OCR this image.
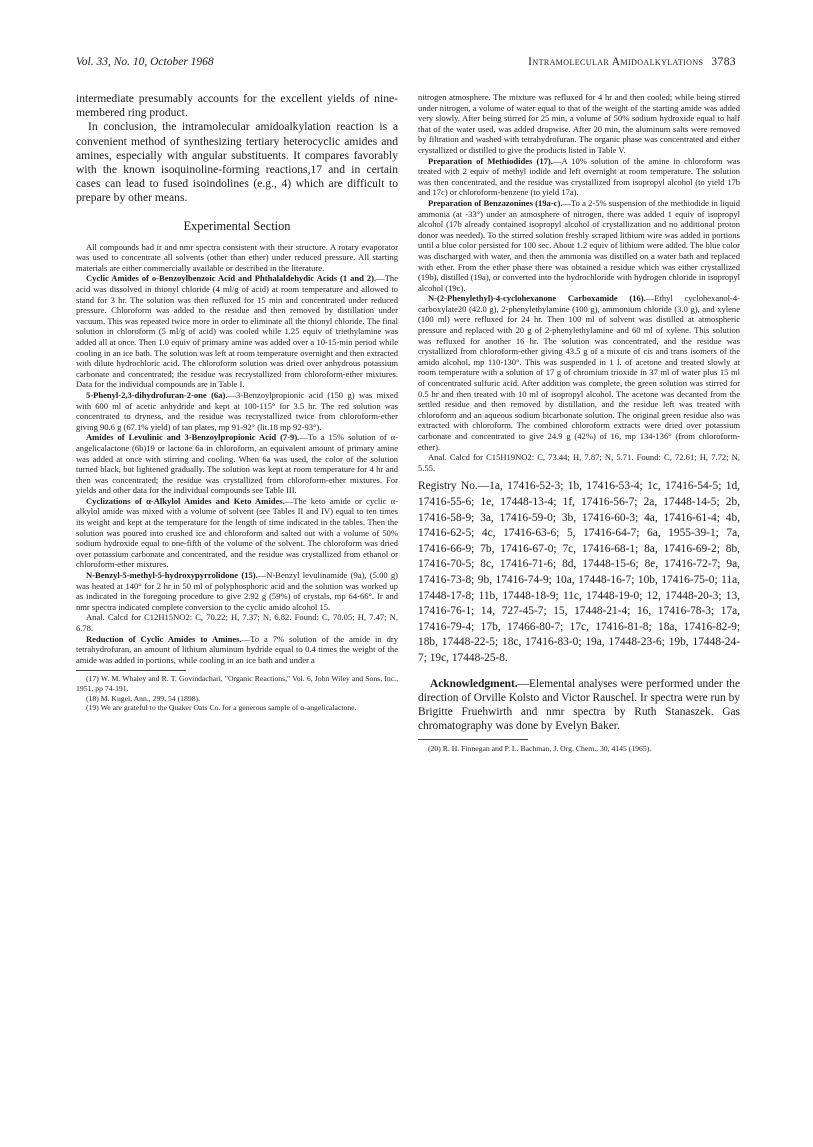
Vol. 33, No. 10, October 1968	Intramolecular Amidoalkylations 3783

intermediate presumably accounts for the excellent yields of nine-membered ring product.

In conclusion, the intramolecular amidoalkylation reaction is a convenient method of synthesizing tertiary heterocyclic amides and amines, especially with angular substituents. It compares favorably with the known isoquinoline-forming reactions,17 and in certain cases can lead to fused isoindolines (e.g., 4) which are difficult to prepare by other means.

Experimental Section

All compounds had ir and nmr spectra consistent with their structure. A rotary evaporator was used to concentrate all solvents (other than ether) under reduced pressure. All starting materials are either commercially available or described in the literature.

Cyclic Amides of o-Benzoylbenzoic Acid and Phthalaldehydic Acids (1 and 2).—The acid was dissolved in thionyl chloride (4 ml/g of acid) at room temperature and allowed to stand for 3 hr. The solution was then refluxed for 15 min and concentrated under reduced pressure. Chloroform was added to the residue and then removed by distillation under vacuum. This was repeated twice more in order to eliminate all the thionyl chloride. The final solution in chloroform (5 ml/g of acid) was cooled while 1.25 equiv of triethylamine was added all at once. Then 1.0 equiv of primary amine was added over a 10-15-min period while cooling in an ice bath. The solution was left at room temperature overnight and then extracted with dilute hydrochloric acid. The chloroform solution was dried over anhydrous potassium carbonate and concentrated; the residue was recrystallized from chloroform-ether mixtures. Data for the individual compounds are in Table I.

5-Phenyl-2,3-dihydrofuran-2-one (6a).—3-Benzoylpropionic acid (150 g) was mixed with 600 ml of acetic anhydride and kept at 100-115° for 3.5 hr. The red solution was concentrated to dryness, and the residue was recrystallized twice from chloroform-ether giving 90.6 g (67.1% yield) of tan plates, mp 91-92° (lit.18 mp 92-93°).

Amides of Levulinic and 3-Benzoylpropionic Acid (7-9).—To a 15% solution of α-angelicalactone (6b)19 or lactone 6a in chloroform, an equivalent amount of primary amine was added at once with stirring and cooling. When 6a was used, the color of the solution turned black, but lightened gradually. The solution was kept at room temperature for 4 hr and then was concentrated; the residue was crystallized from chloroform-ether mixtures. For yields and other data for the individual compounds see Table III.

Cyclizations of α-Alkylol Amides and Keto Amides.—The keto amide or cyclic α-alkylol amide was mixed with a volume of solvent (see Tables II and IV) equal to ten times its weight and kept at the temperature for the length of time indicated in the tables. Then the solution was poured into crushed ice and chloroform and salted out with a volume of 50% sodium hydroxide equal to one-fifth of the volume of the solvent. The chloroform was dried over potassium carbonate and concentrated, and the residue was crystallized from ethanol or chloroform-ether mixtures.

N-Benzyl-5-methyl-5-hydroxypyrrolidone (15).—N-Benzyl levulinamide (9a), (5.00 g) was heated at 140° for 2 hr in 50 ml of polyphosphoric acid and the solution was worked up as indicated in the foregoing procedure to give 2.92 g (59%) of crystals, mp 64-66°. Ir and nmr spectra indicated complete conversion to the cyclic amido alcohol 15.

Anal. Calcd for C12H15NO2: C, 70.22; H, 7.37; N, 6.82. Found: C, 70.05; H, 7.47; N, 6.78.

Reduction of Cyclic Amides to Amines.—To a 7% solution of the amide in dry tetrahydrofuran, an amount of lithium aluminum hydride equal to 0.4 times the weight of the amide was added in portions, while cooling in an ice bath and under a

(17) W. M. Whaley and R. T. Govindachari, "Organic Reactions," Vol. 6, John Wiley and Sons, Inc., 1951, pp 74-191.

(18) M. Kugel, Ann., 299, 54 (1898).

(19) We are grateful to the Quaker Oats Co. for a generous sample of α-angelicalactone.

nitrogen atmosphere. The mixture was refluxed for 4 hr and then cooled; while being stirred under nitrogen, a volume of water equal to that of the weight of the starting amide was added very slowly. After being stirred for 25 min, a volume of 50% sodium hydroxide equal to half that of the water used, was added dropwise. After 20 min, the aluminum salts were removed by filtration and washed with tetrahydrofuran. The organic phase was concentrated and either crystallized or distilled to give the products listed in Table V.

Preparation of Methiodides (17).—A 10% solution of the amine in chloroform was treated with 2 equiv of methyl iodide and left overnight at room temperature. The solution was then concentrated, and the residue was crystallized from isopropyl alcohol (to yield 17b and 17c) or chloroform-benzene (to yield 17a).

Preparation of Benzazonines (19a-c).—To a 2-5% suspension of the methiodide in liquid ammonia (at -33°) under an atmosphere of nitrogen, there was added 1 equiv of isopropyl alcohol (17b already contained isopropyl alcohol of crystallization and no additional proton donor was needed). To the stirred solution freshly scraped lithium wire was added in portions until a blue color persisted for 100 sec. About 1.2 equiv of lithium were added. The blue color was discharged with water, and then the ammonia was distilled on a water bath and replaced with ether. From the ether phase there was obtained a residue which was either crystallized (19b), distilled (19a), or converted into the hydrochloride with hydrogen chloride in isopropyl alcohol (19c).

N-(2-Phenylethyl)-4-cyclohexanone Carboxamide (16).—Ethyl cyclohexanol-4-carboxylate20 (42.0 g), 2-phenylethylamine (100 g), ammonium chloride (3.0 g), and xylene (100 ml) were refluxed for 24 hr. Then 100 ml of solvent was distilled at atmospheric pressure and replaced with 20 g of 2-phenylethylamine and 60 ml of xylene. This solution was refluxed for another 16 hr. The solution was concentrated, and the residue was crystallized from chloroform-ether giving 43.5 g of a mixute of cis and trans isomers of the amido alcohol, mp 110-130°. This was suspended in 1 l. of acetone and treated slowly at room temperature with a solution of 17 g of chromium trioxide in 37 ml of water plus 15 ml of concentrated sulfuric acid. After addition was complete, the green solution was stirred for 0.5 hr and then treated with 10 ml of isopropyl alcohol. The acetone was decanted from the settled residue and then removed by distillation, and the residue left was treated with chloroform and an aqueous sodium bicarbonate solution. The original green residue also was extracted with chloroform. The combined chloroform extracts were dried over potassium carbonate and concentrated to give 24.9 g (42%) of 16, mp 134-136° (from chloroform-ether).

Anal. Calcd for C15H19NO2: C, 73.44; H, 7.87; N, 5.71. Found: C, 72.61; H, 7.72; N, 5.55.

Registry No.—1a, 17416-52-3; 1b, 17416-53-4; 1c, 17416-54-5; 1d, 17416-55-6; 1e, 17448-13-4; 1f, 17416-56-7; 2a, 17448-14-5; 2b, 17416-58-9; 3a, 17416-59-0; 3b, 17416-60-3; 4a, 17416-61-4; 4b, 17416-62-5; 4c, 17416-63-6; 5, 17416-64-7; 6a, 1955-39-1; 7a, 17416-66-9; 7b, 17416-67-0; 7c, 17416-68-1; 8a, 17416-69-2; 8b, 17416-70-5; 8c, 17416-71-6; 8d, 17448-15-6; 8e, 17416-72-7; 9a, 17416-73-8; 9b, 17416-74-9; 10a, 17448-16-7; 10b, 17416-75-0; 11a, 17448-17-8; 11b, 17448-18-9; 11c, 17448-19-0; 12, 17448-20-3; 13, 17416-76-1; 14, 727-45-7; 15, 17448-21-4; 16, 17416-78-3; 17a, 17416-79-4; 17b, 17466-80-7; 17c, 17416-81-8; 18a, 17416-82-9; 18b, 17448-22-5; 18c, 17416-83-0; 19a, 17448-23-6; 19b, 17448-24-7; 19c, 17448-25-8.

Acknowledgment.—Elemental analyses were performed under the direction of Orville Kolsto and Victor Rauschel. Ir spectra were run by Brigitte Fruehwirth and nmr spectra by Ruth Stanaszek. Gas chromatography was done by Evelyn Baker.

(20) R. H. Finnegan and P. L. Bachman, J. Org. Chem., 30, 4145 (1965).
